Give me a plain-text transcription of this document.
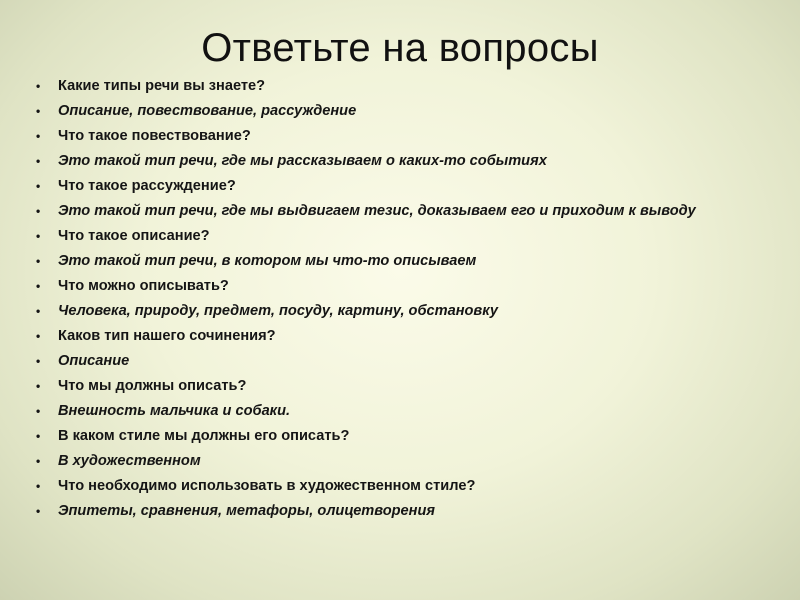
Ответьте на вопросы
• Какие типы речи вы знаете?
• Описание, повествование, рассуждение
• Что такое повествование?
• Это такой тип речи, где мы рассказываем о каких-то событиях
• Что такое рассуждение?
• Это такой тип речи, где мы выдвигаем тезис, доказываем его и приходим к выводу
• Что такое описание?
• Это такой тип речи, в котором мы что-то описываем
• Что можно описывать?
• Человека, природу, предмет, посуду, картину, обстановку
• Каков тип нашего сочинения?
• Описание
• Что мы должны описать?
• Внешность мальчика и собаки.
• В каком стиле мы должны его описать?
• В художественном
• Что необходимо использовать в художественном стиле?
• Эпитеты, сравнения, метафоры, олицетворения
